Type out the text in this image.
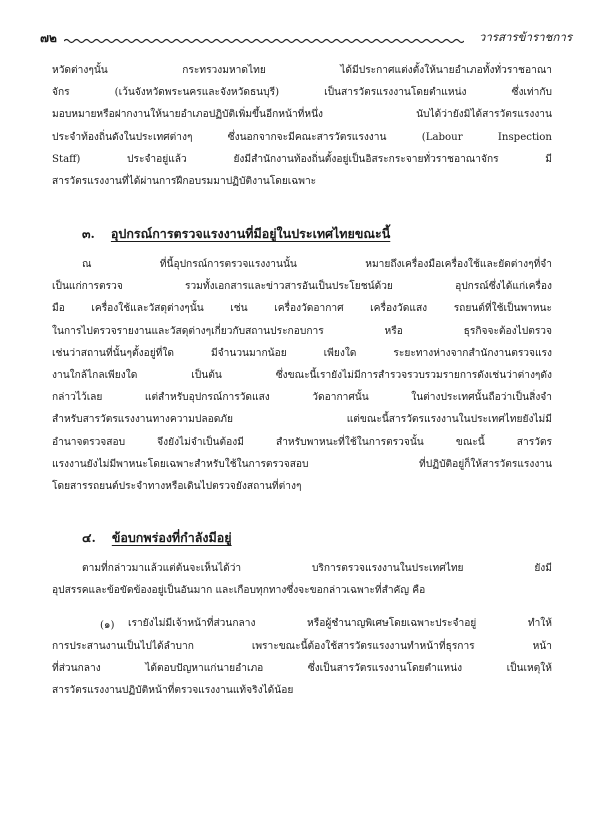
๗๒	วารสารข้าราชการ
หวัดต่างๆนั้น กระทรวงมหาดไทย ได้มีประกาศแต่งตั้งให้นายอำเภอทั้งทั่วราชอาณา
จักร (เว้นจังหวัดพระนครและจังหวัดธนบุรี) เป็นสารวัตรแรงงานโดยตำแหน่ง ซึ่งเท่ากับ
มอบหมายหรือฝากงานให้นายอำเภอปฏิบัติเพิ่มขึ้นอีกหน้าที่หนึ่ง นับได้ว่ายังมิได้สารวัตรแรงงาน
ประจำท้องถิ่นดังในประเทศต่างๆ ซึ่งนอกจากจะมีคณะสารวัตรแรงงาน (Labour Inspection
Staff) ประจำอยู่แล้ว ยังมีสำนักงานท้องถิ่นตั้งอยู่เป็นอิสระกระจายทั่วราชอาณาจักร มี
สารวัตรแรงงานที่ได้ผ่านการฝึกอบรมมาปฏิบัติงานโดยเฉพาะ
๓. อุปกรณ์การตรวจแรงงานที่มีอยู่ในประเทศไทยขณะนี้
ณ ที่นี้อุปกรณ์การตรวจแรงงานนั้น หมายถึงเครื่องมือเครื่องใช้และยัดต่างๆที่จำ
เป็นแก่การตรวจ รวมทั้งเอกสารและข่าวสารอันเป็นประโยชน์ด้วย อุปกรณ์ซึ่งได้แก่เครื่อง
มือ เครื่องใช้และวัสดุต่างๆนั้น เช่น เครื่องวัดอากาศ เครื่องวัดแสง รถยนต์ที่ใช้เป็นพาหนะ
ในการไปตรวจรายงานและวัสดุต่างๆเกี่ยวกับสถานประกอบการ หรือ ธุรกิจจะต้องไปตรวจ
เช่นว่าสถานที่นั้นๆตั้งอยู่ที่ใด มีจำนวนมากน้อย เพียงใด ระยะทางห่างจากสำนักงานตรวจแรง
งานใกล้ไกลเพียงใด เป็นต้น ซึ่งขณะนี้เรายังไม่มีการสำรวจรวบรวมรายการดังเช่นว่าต่างๆดัง
กล่าวไว้เลย แต่สำหรับอุปกรณ์การวัดแสง วัดอากาศนั้น ในต่างประเทศนั้นถือว่าเป็นสิ่งจำ
สำหรับสารวัตรแรงงานทางความปลอดภัย แต่ขณะนี้สารวัตรแรงงานในประเทศไทยยังไม่มี
อำนาจตรวจสอบ จึงยังไม่จำเป็นต้องมี สำหรับพาหนะที่ใช้ในการตรวจนั้น ขณะนี้ สารวัตร
แรงงานยังไม่มีพาหนะโดยเฉพาะสำหรับใช้ในการตรวจสอบ ที่ปฏิบัติอยู่ก็ให้สารวัตรแรงงาน
โดยสารรถยนต์ประจำทางหรือเดินไปตรวจยังสถานที่ต่างๆ
๔. ข้อบกพร่องที่กำลังมีอยู่
ตามที่กล่าวมาแล้วแต่ต้นจะเห็นได้ว่า บริการตรวจแรงงานในประเทศไทย ยังมี
อุปสรรคและข้อขัดข้องอยู่เป็นอันมาก และเกือบทุกทางซึ่งจะขอกล่าวเฉพาะที่สำคัญ คือ
(๑) เรายังไม่มีเจ้าหน้าที่ส่วนกลาง หรือผู้ชำนาญพิเศษโดยเฉพาะประจำอยู่ ทำให้
การประสานงานเป็นไปได้ลำบาก เพราะขณะนี้ต้องใช้สารวัตรแรงงานทำหน้าที่ธุรการ หน้า
ที่ส่วนกลาง ได้ตอบปัญหาแก่นายอำเภอ ซึ่งเป็นสารวัตรแรงงานโดยตำแหน่ง เป็นเหตุให้
สารวัตรแรงงานปฏิบัติหน้าที่ตรวจแรงงานแท้จริงได้น้อย
